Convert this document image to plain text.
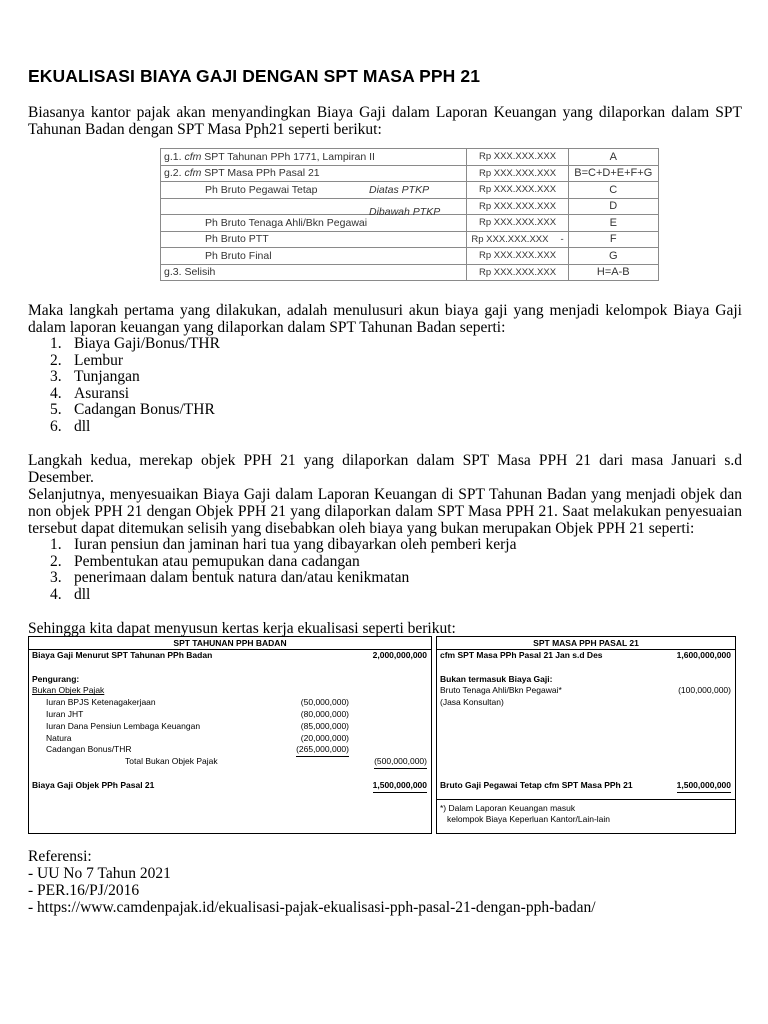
EKUALISASI BIAYA GAJI DENGAN SPT MASA PPH 21

Biasanya kantor pajak akan menyandingkan Biaya Gaji dalam Laporan Keuangan yang dilaporkan dalam SPT Tahunan Badan dengan SPT Masa Pph21 seperti berikut:

g.1. cfm SPT Tahunan PPh 1771, Lampiran II	Rp XXX.XXX.XXX	A
g.2. cfm SPT Masa PPh Pasal 21	Rp XXX.XXX.XXX	B=C+D+E+F+G
Ph Bruto Pegawai Tetap Diatas PTKP	Rp XXX.XXX.XXX	C

Dibawah PTKP	Rp XXX.XXX.XXX	D
Ph Bruto Tenaga Ahli/Bkn Pegawai	Rp XXX.XXX.XXX	E
Ph Bruto PTT	Rp XXX.XXX.XXX -	F
Ph Bruto Final	Rp XXX.XXX.XXX	G
g.3. Selisih	Rp XXX.XXX.XXX	H=A-B

Maka langkah pertama yang dilakukan, adalah menulusuri akun biaya gaji yang menjadi kelompok Biaya Gaji dalam laporan keuangan yang dilaporkan dalam SPT Tahunan Badan seperti:

1. Biaya Gaji/Bonus/THR
2. Lembur
3. Tunjangan
4. Asuransi
5. Cadangan Bonus/THR
6. dll

Langkah kedua, merekap objek PPH 21 yang dilaporkan dalam SPT Masa PPH 21 dari masa Januari s.d Desember.

Selanjutnya, menyesuaikan Biaya Gaji dalam Laporan Keuangan di SPT Tahunan Badan yang menjadi objek dan non objek PPH 21 dengan Objek PPH 21 yang dilaporkan dalam SPT Masa PPH 21. Saat melakukan penyesuaian tersebut dapat ditemukan selisih yang disebabkan oleh biaya yang bukan merupakan Objek PPH 21 seperti:

1. Iuran pensiun dan jaminan hari tua yang dibayarkan oleh pemberi kerja
2. Pembentukan atau pemupukan dana cadangan
3. penerimaan dalam bentuk natura dan/atau kenikmatan
4. dll

Sehingga kita dapat menyusun kertas kerja ekualisasi seperti berikut:

SPT TAHUNAN PPH BADAN
Biaya Gaji Menurut SPT Tahunan PPh Badan	2,000,000,000
Pengurang:
Bukan Objek Pajak
Iuran BPJS Ketenagakerjaan	(50,000,000)
Iuran JHT	(80,000,000)
Iuran Dana Pensiun Lembaga Keuangan	(85,000,000)
Natura	(20,000,000)
Cadangan Bonus/THR	(265,000,000)
Total Bukan Objek Pajak	(500,000,000)
Biaya Gaji Objek PPh Pasal 21	1,500,000,000
SPT MASA PPH PASAL 21
cfm SPT Masa PPh Pasal 21 Jan s.d Des	1,600,000,000
Bukan termasuk Biaya Gaji:
Bruto Tenaga Ahli/Bkn Pegawai*	(100,000,000)
(Jasa Konsultan)
Bruto Gaji Pegawai Tetap cfm SPT Masa PPh 21	1,500,000,000
*) Dalam Laporan Keuangan masuk
kelompok Biaya Keperluan Kantor/Lain-lain
Referensi:
- UU No 7 Tahun 2021
- PER.16/PJ/2016
- https://www.camdenpajak.id/ekualisasi-pajak-ekualisasi-pph-pasal-21-dengan-pph-badan/
